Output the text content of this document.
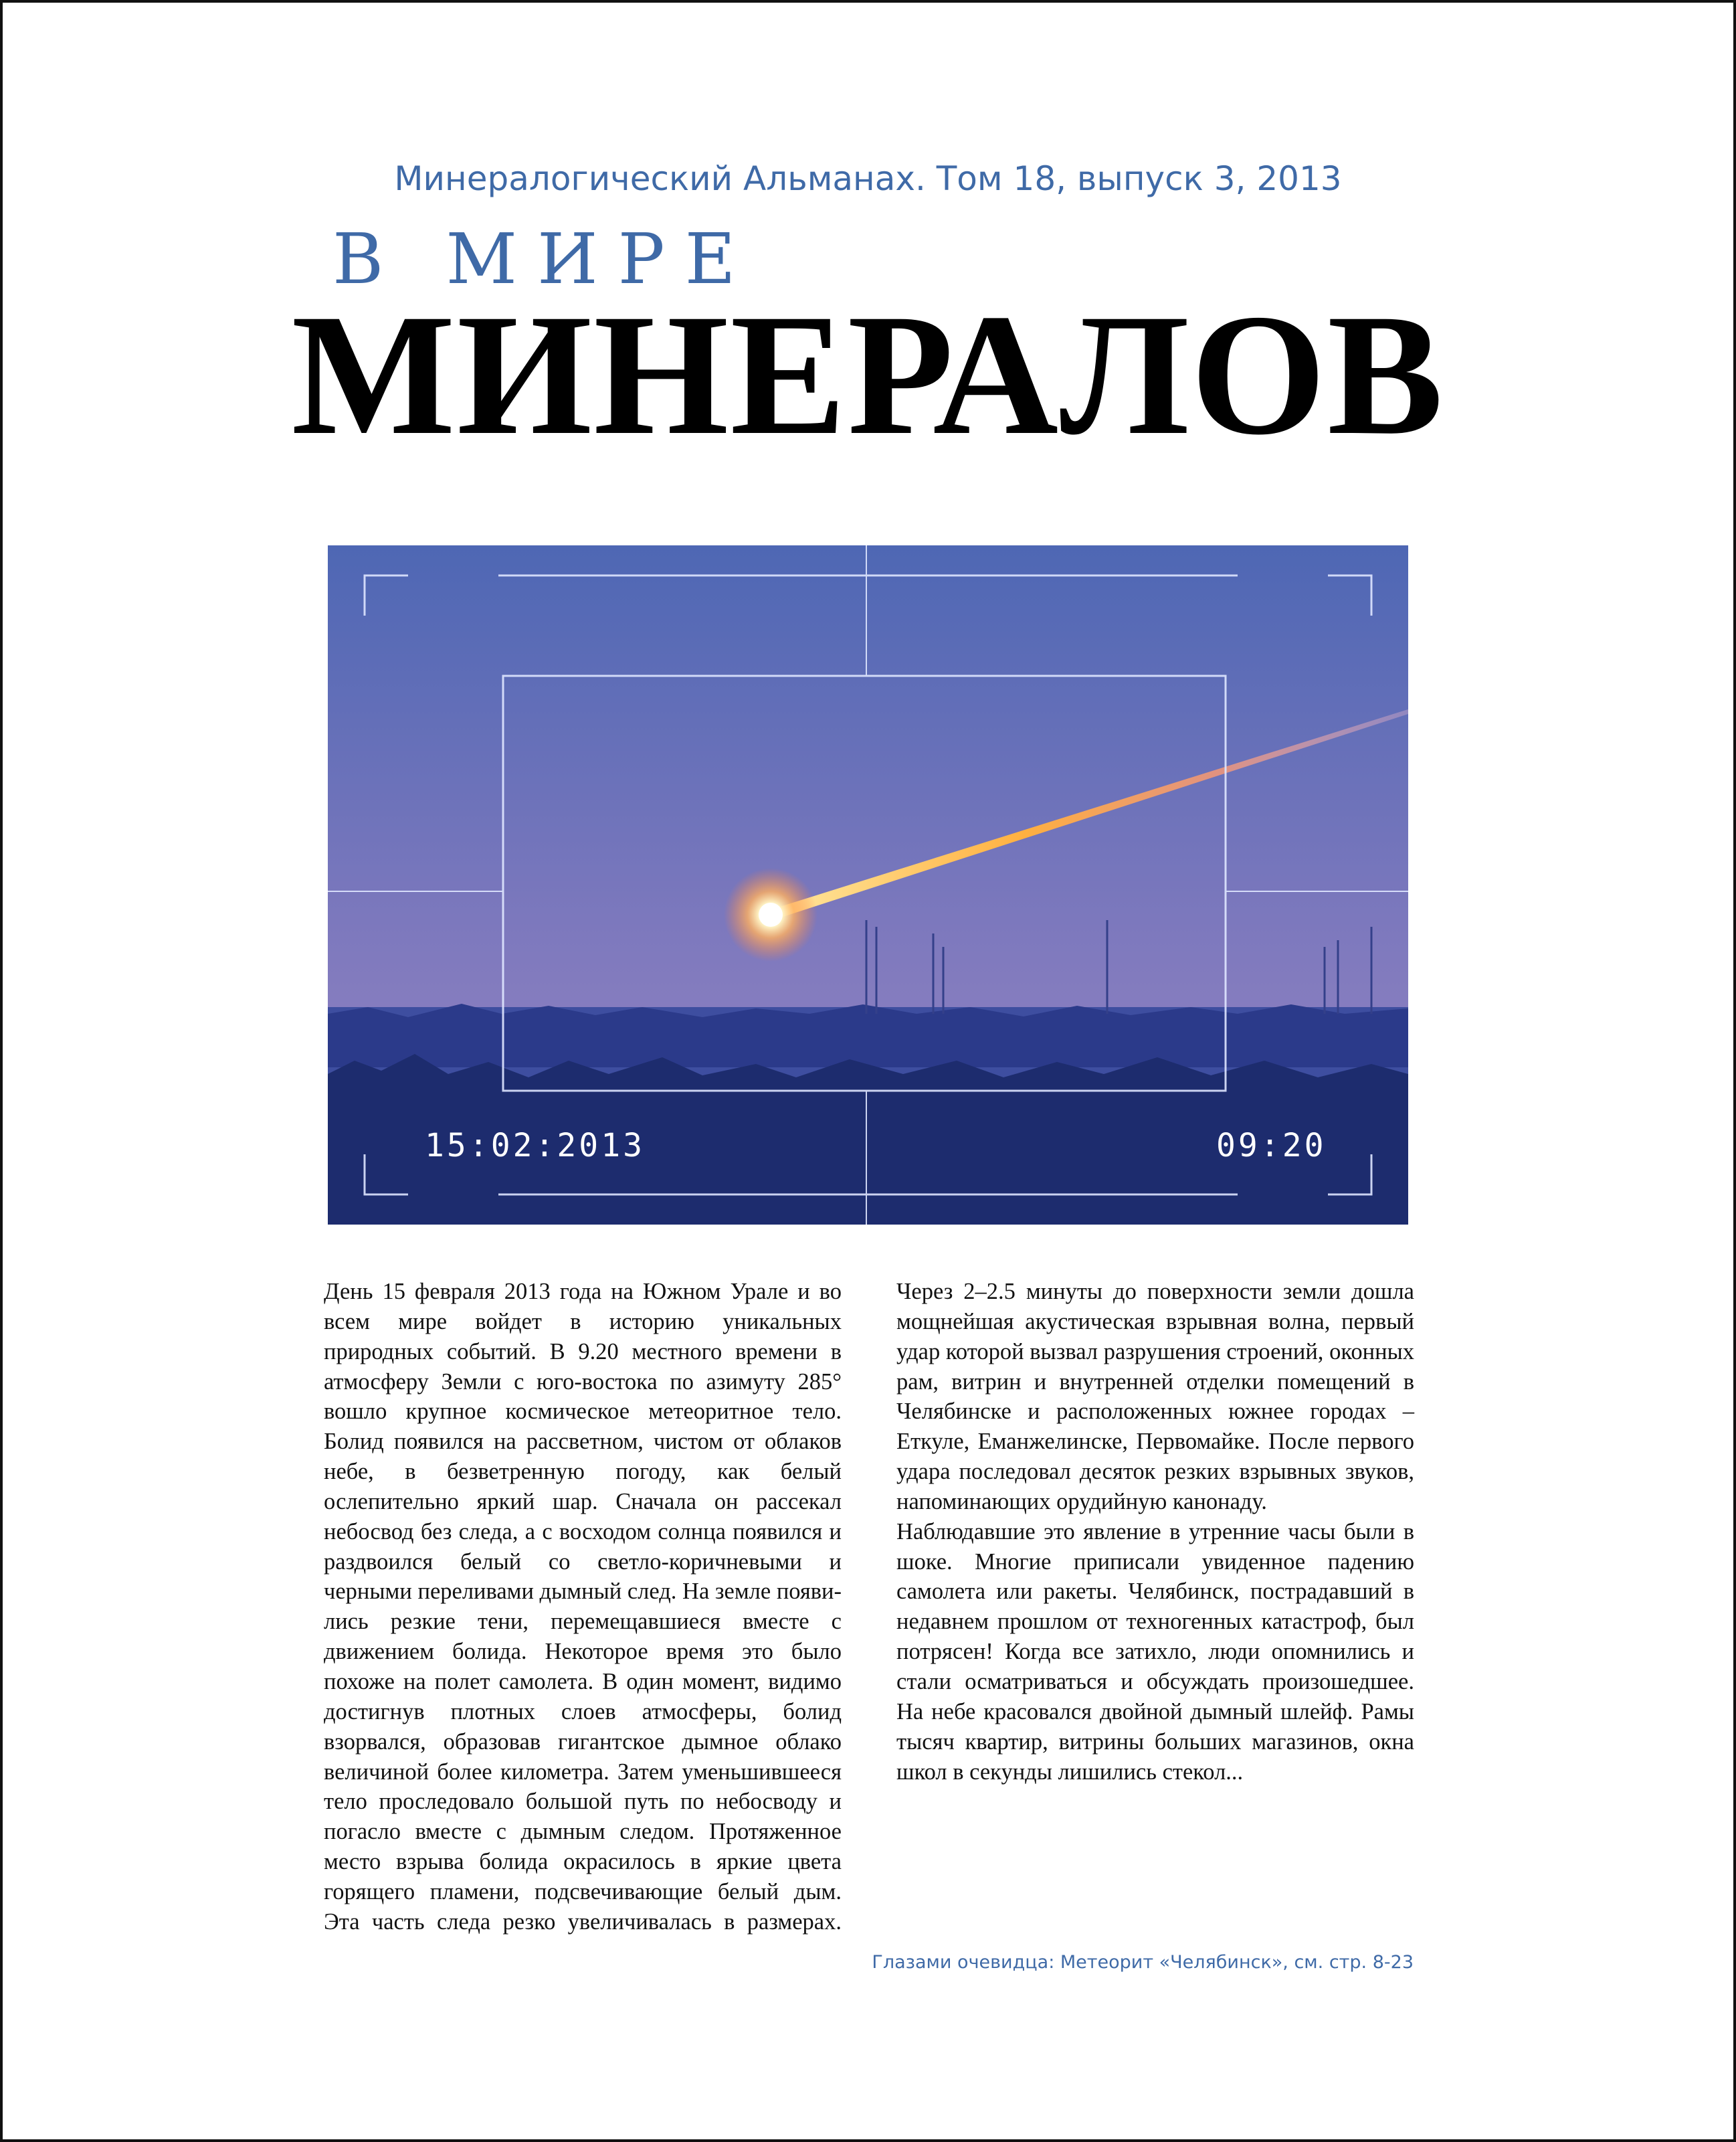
Минералогический Альманах. Том 18, выпуск 3, 2013
В МИРЕ
МИНЕРАЛОВ
15:02:2013	09:20

День 15 февраля 2013 года на Южном Урале и во всем мире войдет в историю уникальных природных событий. В 9.20 местного времени в атмосферу Земли с юго-востока по азимуту 285° вошло крупное космическое метеоритное тело. Болид появился на рассветном, чистом от облаков небе, в безветренную погоду, как белый ослепительно яркий шар. Сначала он рассекал небосвод без следа, а с восходом солнца появился и раздвоился белый со светло-коричневыми и черными переливами дымный след. На земле появились резкие тени, перемещавшиеся вместе с движением болида. Некоторое время это было похоже на полет самолета. В один момент, видимо достигнув плотных слоев атмосферы, болид взорвался, образовав гигантское дымное облако величиной более километра. Затем уменьшившееся тело проследовало большой путь по небосводу и погасло вместе с дымным следом. Протяженное место взрыва болида окрасилось в яркие цвета горящего пламени, подсвечивающие белый дым. Эта часть следа резко увеличивалась в размерах. Через 2–2.5 минуты до поверхности земли дошла мощнейшая акустическая взрывная волна, первый удар которой вызвал разрушения строений, оконных рам, витрин и внутренней отделки помещений в Челябинске и расположенных южнее городах – Еткуле, Еманжелинске, Первомайке. После первого удара последовал десяток резких взрывных звуков, напоминающих орудийную канонаду.

Наблюдавшие это явление в утренние часы были в шоке. Многие приписали увиденное падению самолета или ракеты. Челябинск, пострадавший в недавнем прошлом от техногенных катастроф, был потрясен! Когда все затихло, люди опомнились и стали осматриваться и обсуждать произошедшее. На небе красовался двойной дымный шлейф. Рамы тысяч квартир, витрины больших магазинов, окна школ в секунды лишились стекол...

Глазами очевидца: Метеорит «Челябинск», см. стр. 8-23
